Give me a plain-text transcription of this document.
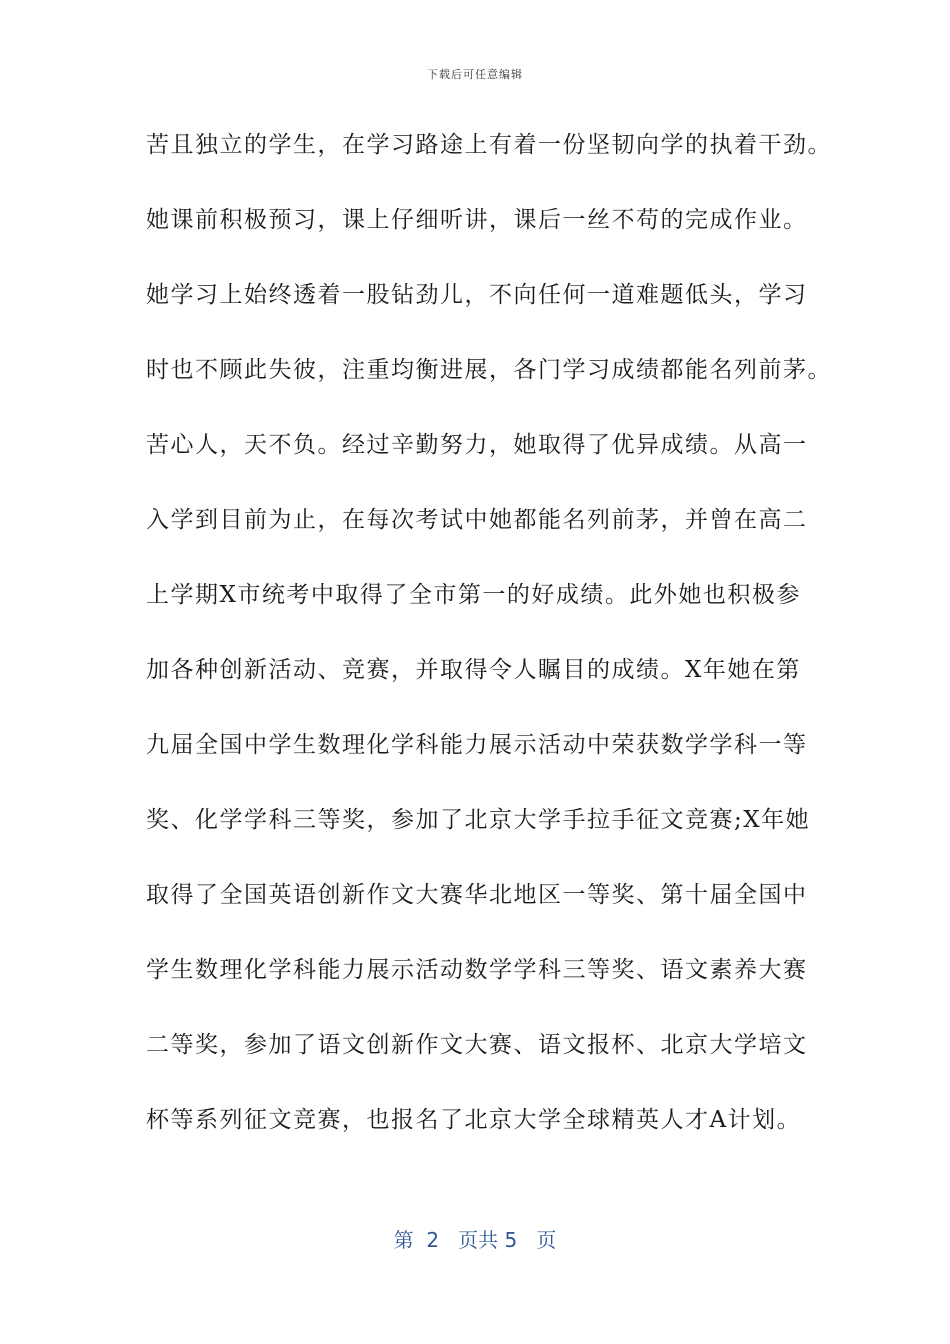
下载后可任意编辑
苦且独立的学生，在学习路途上有着一份坚韧向学的执着干劲。
她课前积极预习，课上仔细听讲，课后一丝不苟的完成作业。
她学习上始终透着一股钻劲儿，不向任何一道难题低头，学习
时也不顾此失彼，注重均衡进展，各门学习成绩都能名列前茅。
苦心人，天不负。经过辛勤努力，她取得了优异成绩。从高一
入学到目前为止，在每次考试中她都能名列前茅，并曾在高二
上学期X市统考中取得了全市第一的好成绩。此外她也积极参
加各种创新活动、竞赛，并取得令人瞩目的成绩。X年她在第
九届全国中学生数理化学科能力展示活动中荣获数学学科一等
奖、化学学科三等奖，参加了北京大学手拉手征文竞赛;X年她
取得了全国英语创新作文大赛华北地区一等奖、第十届全国中
学生数理化学科能力展示活动数学学科三等奖、语文素养大赛
二等奖，参加了语文创新作文大赛、语文报杯、北京大学培文
杯等系列征文竞赛，也报名了北京大学全球精英人才A计划。
第  2   页共 5   页
